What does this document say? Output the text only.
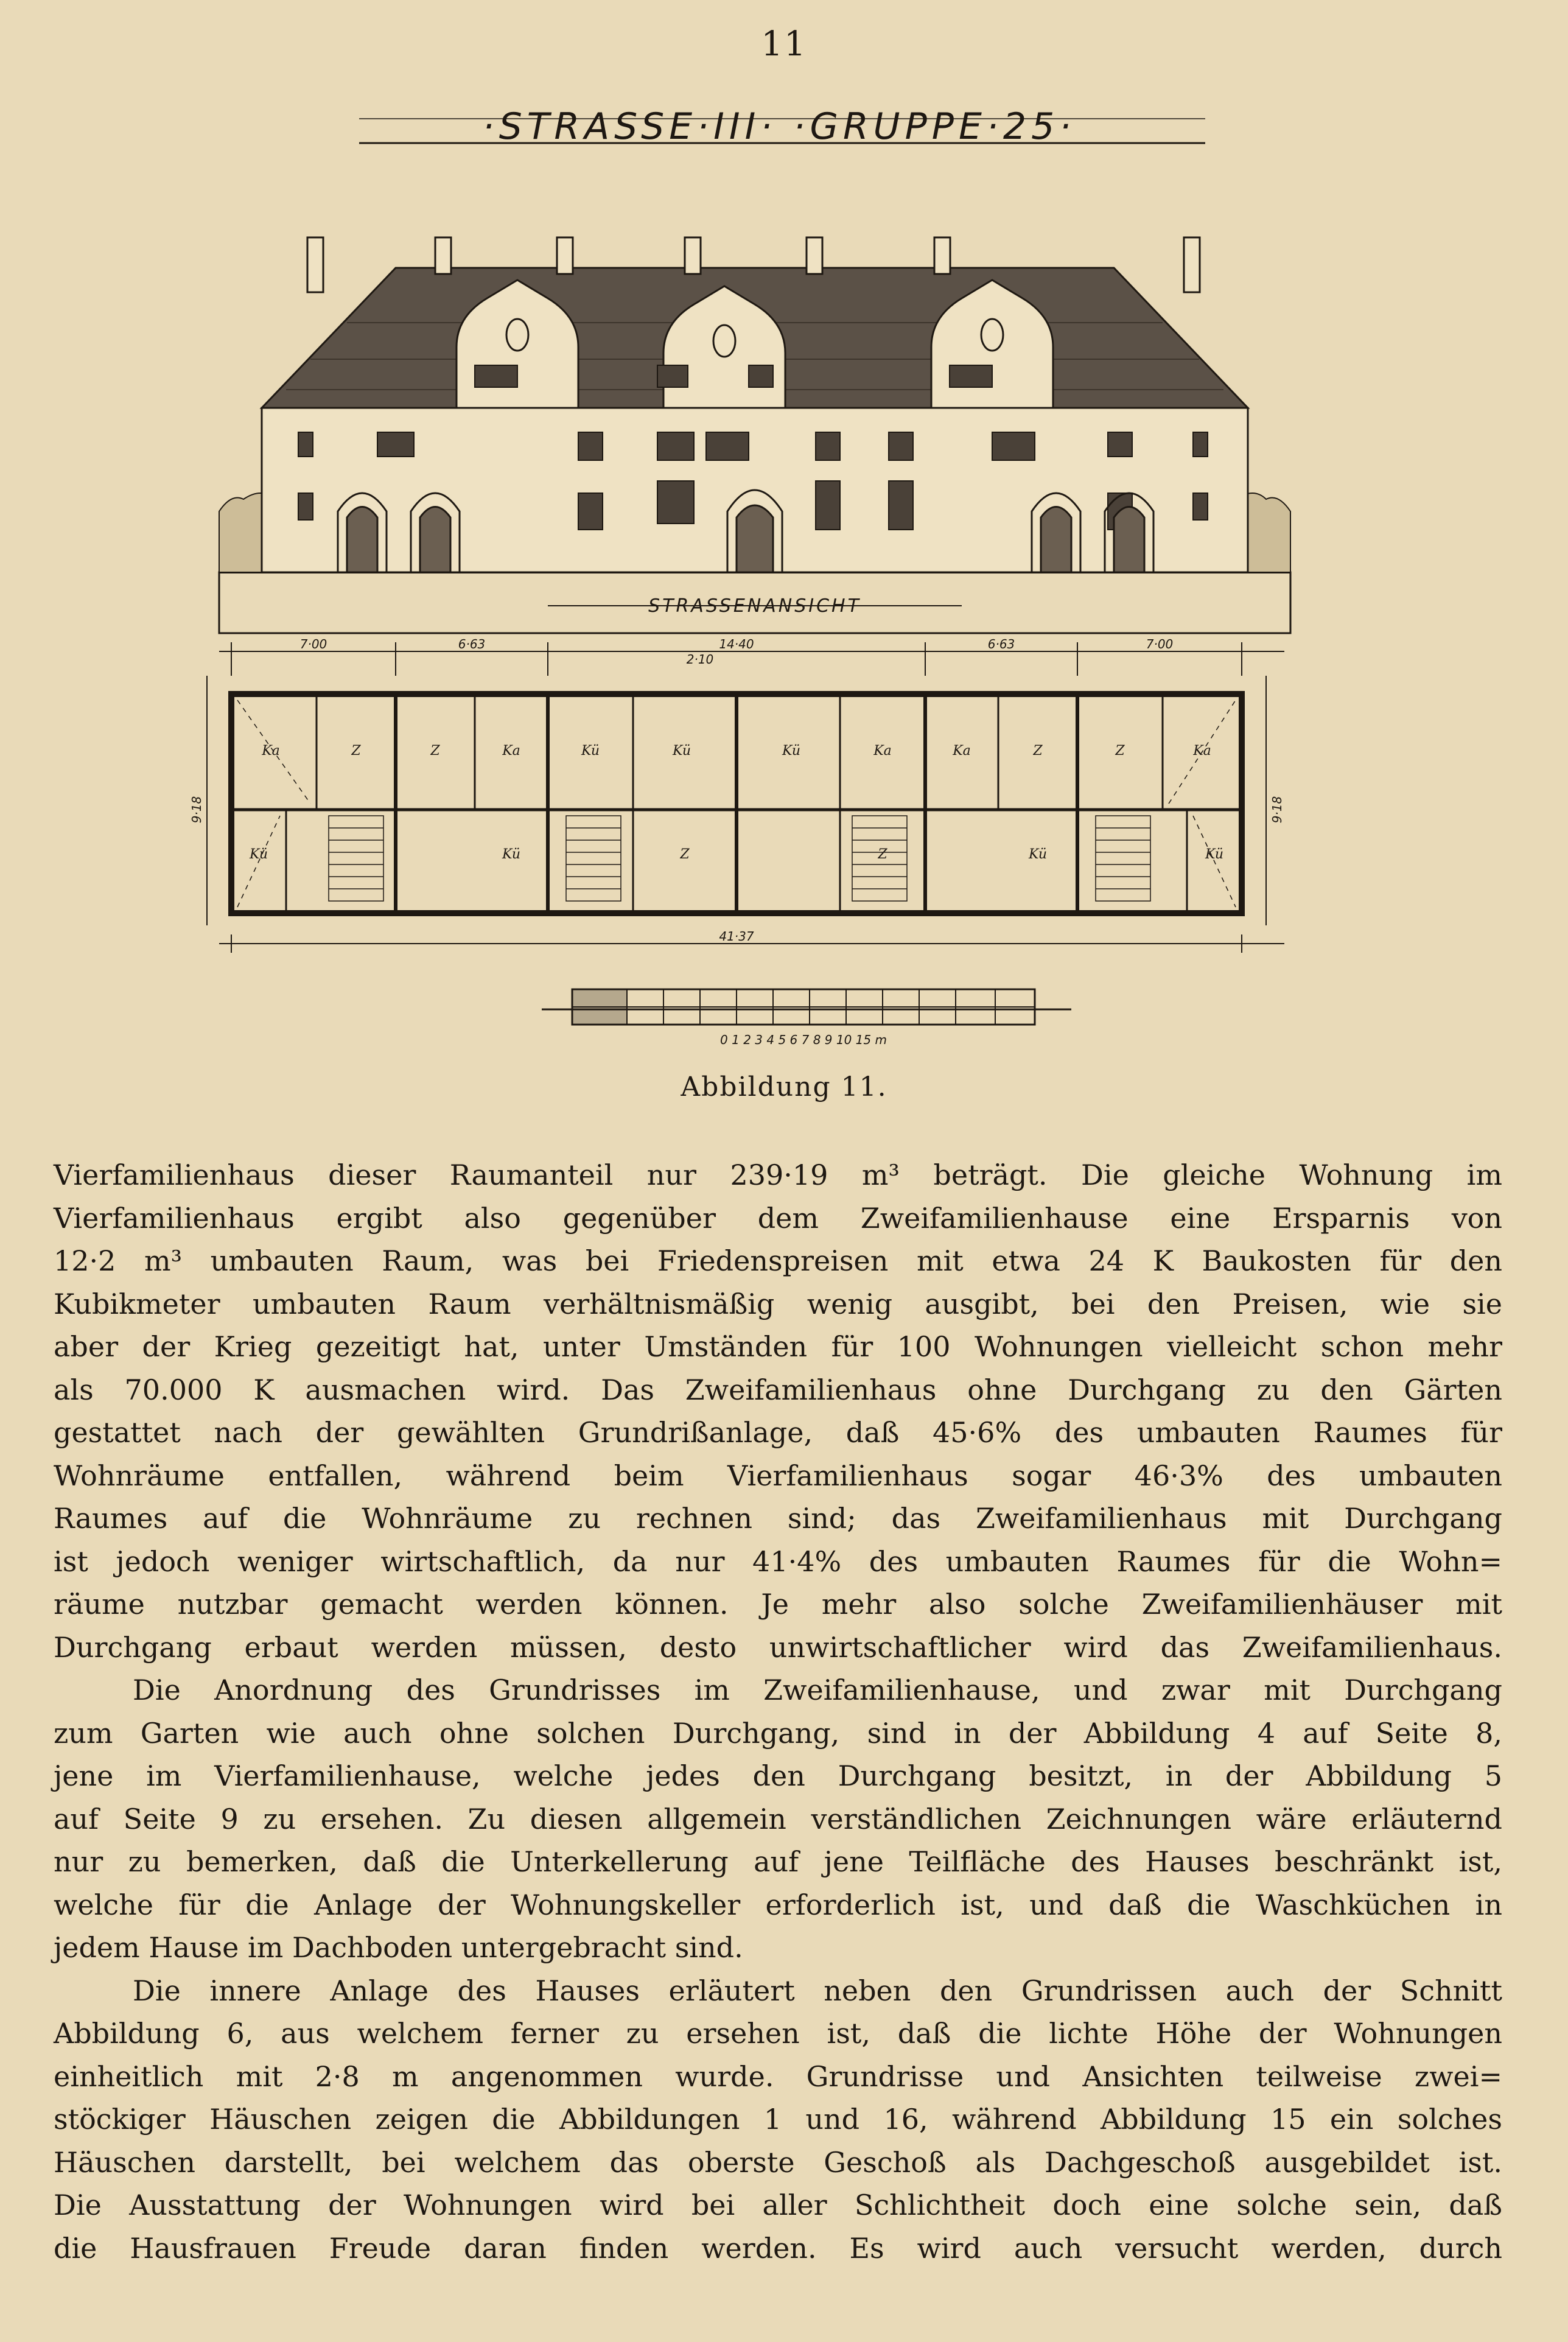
11
·STRASSE·III· ·GRUPPE·25·
STRASSENANSICHT
7·00	6·63	14·40
2·10
6·63	7·00
Ka	Z	Z	Ka	Kü	Kü	Kü	Ka	Ka	Z	Z	Ka
Kü	Kü	Z	Z	Kü	Kü
9·18	9·18
41·37
0 1 2 3 4 5 6 7 8 9 10 15 m
Abbildung 11.
Vierfamilienhaus dieser Raumanteil nur 239·19 m³ beträgt. Die gleiche Wohnung im
Vierfamilienhaus ergibt also gegenüber dem Zweifamilienhause eine Ersparnis von
12·2 m³ umbauten Raum, was bei Friedenspreisen mit etwa 24 K Baukosten für den
Kubikmeter umbauten Raum verhältnismäßig wenig ausgibt, bei den Preisen, wie sie
aber der Krieg gezeitigt hat, unter Umständen für 100 Wohnungen vielleicht schon mehr
als 70.000 K ausmachen wird. Das Zweifamilienhaus ohne Durchgang zu den Gärten
gestattet nach der gewählten Grundrißanlage, daß 45·6% des umbauten Raumes für
Wohnräume entfallen, während beim Vierfamilienhaus sogar 46·3% des umbauten
Raumes auf die Wohnräume zu rechnen sind; das Zweifamilienhaus mit Durchgang
ist jedoch weniger wirtschaftlich, da nur 41·4% des umbauten Raumes für die Wohn=
räume nutzbar gemacht werden können. Je mehr also solche Zweifamilienhäuser mit
Durchgang erbaut werden müssen, desto unwirtschaftlicher wird das Zweifamilienhaus.
Die Anordnung des Grundrisses im Zweifamilienhause, und zwar mit Durchgang
zum Garten wie auch ohne solchen Durchgang, sind in der Abbildung 4 auf Seite 8,
jene im Vierfamilienhause, welche jedes den Durchgang besitzt, in der Abbildung 5
auf Seite 9 zu ersehen. Zu diesen allgemein verständlichen Zeichnungen wäre erläuternd
nur zu bemerken, daß die Unterkellerung auf jene Teilfläche des Hauses beschränkt ist,
welche für die Anlage der Wohnungskeller erforderlich ist, und daß die Waschküchen in
jedem Hause im Dachboden untergebracht sind.
Die innere Anlage des Hauses erläutert neben den Grundrissen auch der Schnitt
Abbildung 6, aus welchem ferner zu ersehen ist, daß die lichte Höhe der Wohnungen
einheitlich mit 2·8 m angenommen wurde. Grundrisse und Ansichten teilweise zwei=
stöckiger Häuschen zeigen die Abbildungen 1 und 16, während Abbildung 15 ein solches
Häuschen darstellt, bei welchem das oberste Geschoß als Dachgeschoß ausgebildet ist.
Die Ausstattung der Wohnungen wird bei aller Schlichtheit doch eine solche sein, daß
die Hausfrauen Freude daran finden werden. Es wird auch versucht werden, durch
